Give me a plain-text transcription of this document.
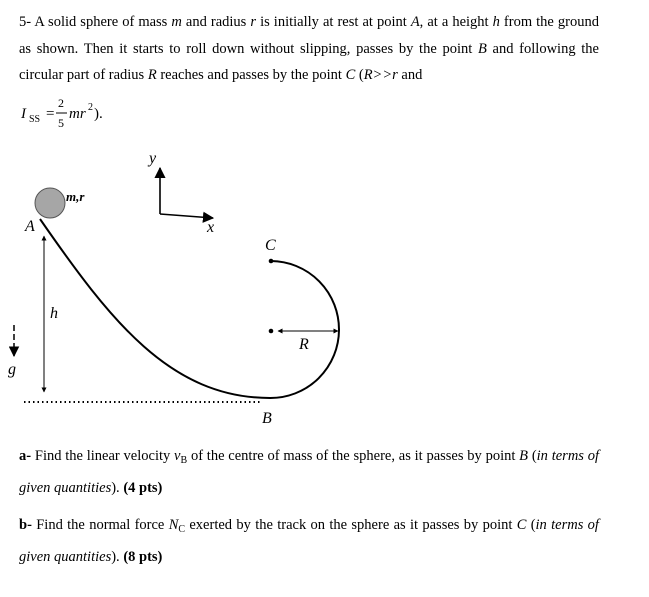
5- A solid sphere of mass m and radius r is initially at rest at point A, at a height h from the ground as shown. Then it starts to roll down without slipping, passes by the point B and following the circular part of radius R reaches and passes by the point C (R>>r and

I SS =
2
5
mr 2 ).
y
x
m,r
h
A
B
C
R
g

a- Find the linear velocity $v_B$ of the centre of mass of the sphere, as it passes by point B (in terms of given quantities). (4 pts)

b- Find the normal force $N_C$ exerted by the track on the sphere as it passes by point C (in terms of given quantities). (8 pts)
